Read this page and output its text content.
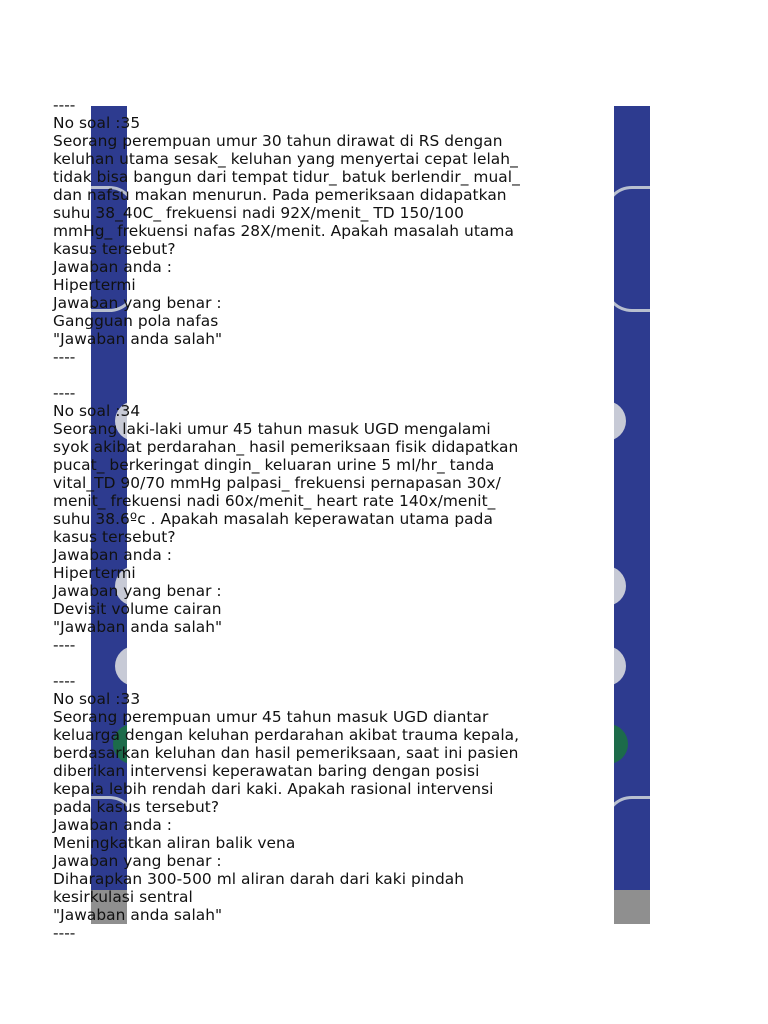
----
No soal :35
Seorang perempuan umur 30 tahun dirawat di RS dengan
keluhan utama sesak_ keluhan yang menyertai cepat lelah_
tidak bisa bangun dari tempat tidur_ batuk berlendir_ mual_
dan nafsu makan menurun. Pada pemeriksaan didapatkan
suhu 38_40C_ frekuensi nadi 92X/menit_ TD 150/100
mmHg_ frekuensi nafas 28X/menit. Apakah masalah utama
kasus tersebut?
Jawaban anda :
Hipertermi
Jawaban yang benar :
Gangguan pola nafas
"Jawaban anda salah"
----
----
No soal :34
Seorang laki-laki umur 45 tahun masuk UGD mengalami
syok akibat perdarahan_ hasil pemeriksaan fisik didapatkan
pucat_ berkeringat dingin_ keluaran urine 5 ml/hr_ tanda
vital_TD 90/70 mmHg palpasi_ frekuensi pernapasan 30x/
menit_ frekuensi nadi 60x/menit_ heart rate 140x/menit_
suhu 38.6ºc . Apakah masalah keperawatan utama pada
kasus tersebut?
Jawaban anda :
Hipertermi
Jawaban yang benar :
Devisit volume cairan
"Jawaban anda salah"
----
----
No soal :33
Seorang perempuan umur 45 tahun masuk UGD diantar
keluarga dengan keluhan perdarahan akibat trauma kepala,
berdasarkan keluhan dan hasil pemeriksaan, saat ini pasien
diberikan intervensi keperawatan baring dengan posisi
kepala lebih rendah dari kaki. Apakah rasional intervensi
pada kasus tersebut?
Jawaban anda :
Meningkatkan aliran balik vena
Jawaban yang benar :
Diharapkan 300-500 ml aliran darah dari kaki pindah
kesirkulasi sentral
"Jawaban anda salah"
----
